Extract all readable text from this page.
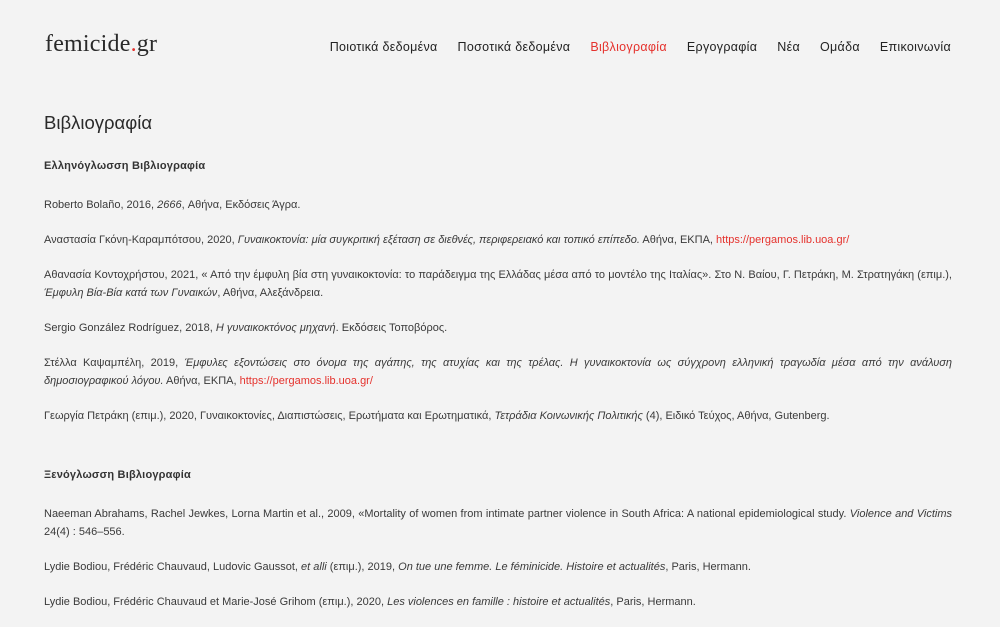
femicide.gr	Ποιοτικά δεδομένα Ποσοτικά δεδομένα Βιβλιογραφία Εργογραφία Νέα Ομάδα Επικοινωνία
Βιβλιογραφία
Ελληνόγλωσση Βιβλιογραφία

Roberto Bolaño, 2016, 2666, Αθήνα, Εκδόσεις Άγρα.

Αναστασία Γκόνη-Καραμπότσου, 2020, Γυναικοκτονία: μία συγκριτική εξέταση σε διεθνές, περιφερειακό και τοπικό επίπεδο. Αθήνα, ΕΚΠΑ, https://pergamos.lib.uoa.gr/

Αθανασία Κοντοχρήστου, 2021, « Από την έμφυλη βία στη γυναικοκτονία: το παράδειγμα της Ελλάδας μέσα από το μοντέλο της Ιταλίας». Στο Ν. Βαίου, Γ. Πετράκη, Μ. Στρατηγάκη (επιμ.), Έμφυλη Βία-Βία κατά των Γυναικών, Αθήνα, Αλεξάνδρεια.

Sergio González Rodríguez, 2018, Η γυναικοκτόνος μηχανή. Εκδόσεις Τοποβόρος.

Στέλλα Καψαμπέλη, 2019, Έμφυλες εξοντώσεις στο όνομα της αγάπης, της ατυχίας και της τρέλας. Η γυναικοκτονία ως σύγχρονη ελληνική τραγωδία μέσα από την ανάλυση δημοσιογραφικού λόγου. Αθήνα, ΕΚΠΑ, https://pergamos.lib.uoa.gr/

Γεωργία Πετράκη (επιμ.), 2020, Γυναικοκτονίες, Διαπιστώσεις, Ερωτήματα και Ερωτηματικά, Τετράδια Κοινωνικής Πολιτικής (4), Ειδικό Τεύχος, Αθήνα, Gutenberg.

Ξενόγλωσση Βιβλιογραφία

Naeeman Abrahams, Rachel Jewkes, Lorna Martin et al., 2009, «Mortality of women from intimate partner violence in South Africa: A national epidemiological study. Violence and Victims 24(4) : 546–556.

Lydie Bodiou, Frédéric Chauvaud, Ludovic Gaussot, et alli (επιμ.), 2019, On tue une femme. Le féminicide. Histoire et actualités, Paris, Hermann.

Lydie Bodiou, Frédéric Chauvaud et Marie-José Grihom (επιμ.), 2020, Les violences en famille : histoire et actualités, Paris, Hermann.
